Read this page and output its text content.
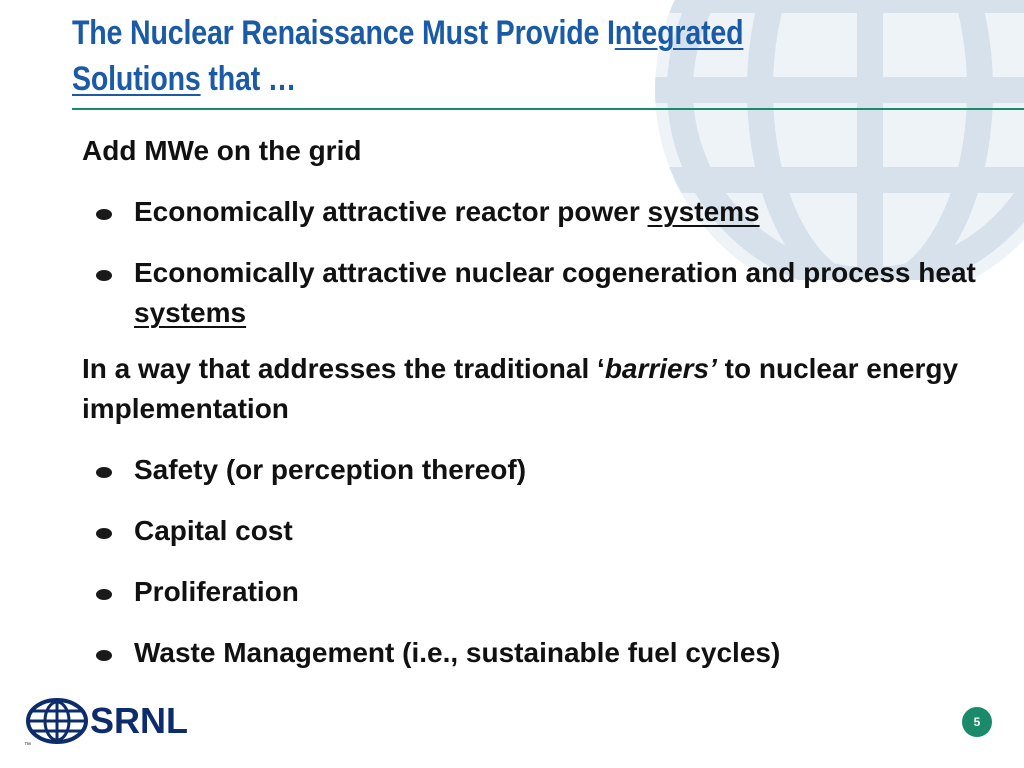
The Nuclear Renaissance Must Provide Integrated Solutions that …
Add MWe on the grid
Economically attractive reactor power systems
Economically attractive nuclear cogeneration and process heat systems
In a way that addresses the traditional ‘barriers’ to nuclear energy implementation
Safety (or perception thereof)
Capital cost
Proliferation
Waste Management (i.e., sustainable fuel cycles)
SRNL
™
5
